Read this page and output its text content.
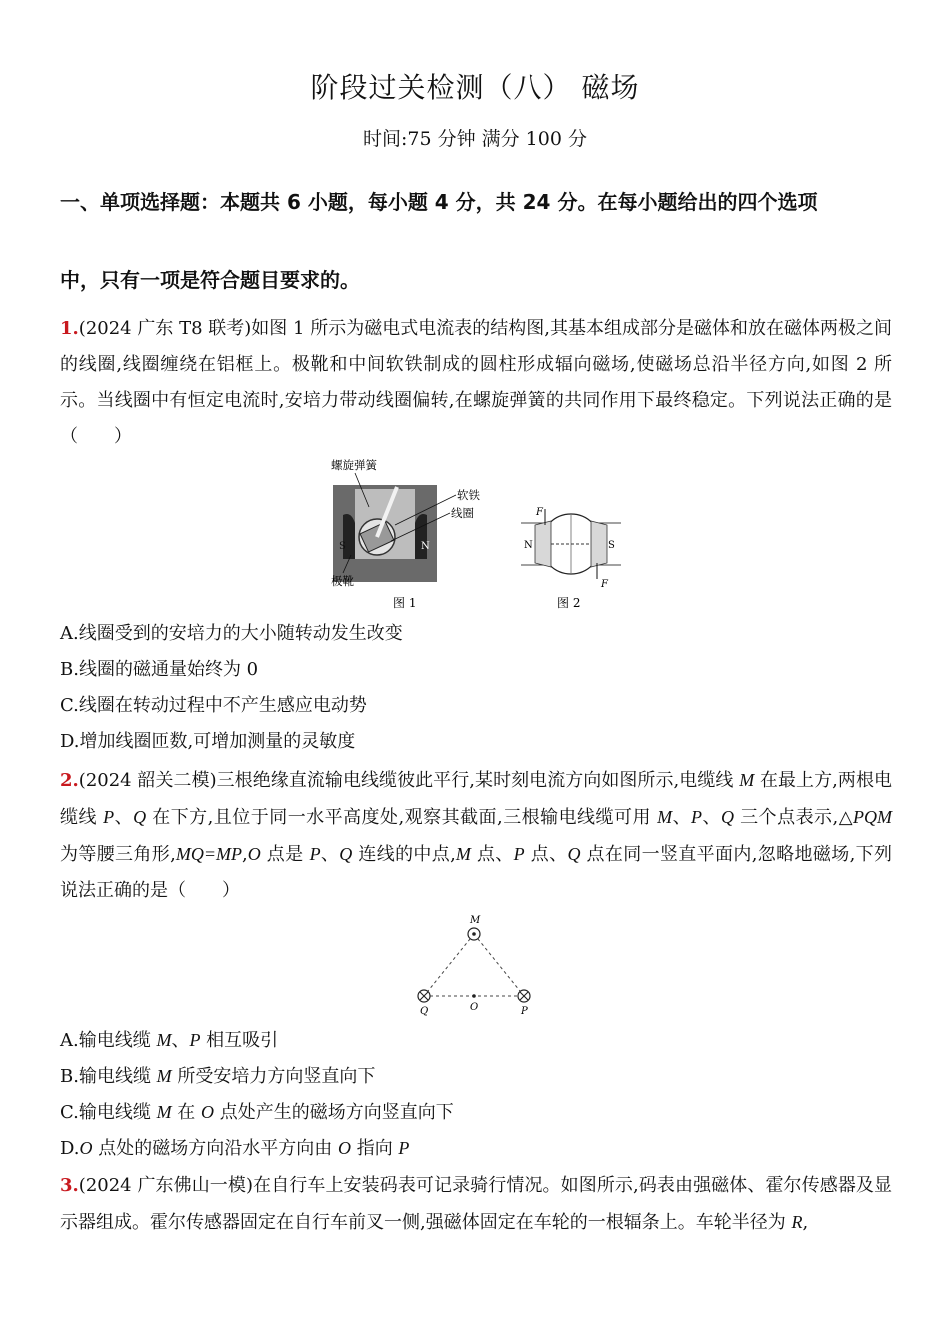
阶段过关检测（八） 磁场
时间:75 分钟 满分 100 分
一、单项选择题：本题共 6 小题，每小题 4 分，共 24 分。在每小题给出的四个选项
中，只有一项是符合题目要求的。

1.(2024 广东 T8 联考)如图 1 所示为磁电式电流表的结构图,其基本组成部分是磁体和放在磁体两极之间的线圈,线圈缠绕在铝框上。极靴和中间软铁制成的圆柱形成辐向磁场,使磁场总沿半径方向,如图 2 所示。当线圈中有恒定电流时,安培力带动线圈偏转,在螺旋弹簧的共同作用下最终稳定。下列说法正确的是（　　）

S	N
螺旋弹簧
软铁
线圈
极靴
图 1
F
F
N	S
图 2
A.线圈受到的安培力的大小随转动发生改变
B.线圈的磁通量始终为 0
C.线圈在转动过程中不产生感应电动势
D.增加线圈匝数,可增加测量的灵敏度

2.(2024 韶关二模)三根绝缘直流输电线缆彼此平行,某时刻电流方向如图所示,电缆线 M 在最上方,两根电缆线 P、Q 在下方,且位于同一水平高度处,观察其截面,三根输电线缆可用 M、P、Q 三个点表示,△PQM 为等腰三角形,MQ=MP,O 点是 P、Q 连线的中点,M 点、P 点、Q 点在同一竖直平面内,忽略地磁场,下列说法正确的是（　　）

M
Q	O	P
A.输电线缆 M、P 相互吸引
B.输电线缆 M 所受安培力方向竖直向下
C.输电线缆 M 在 O 点处产生的磁场方向竖直向下
D.O 点处的磁场方向沿水平方向由 O 指向 P

3.(2024 广东佛山一模)在自行车上安装码表可记录骑行情况。如图所示,码表由强磁体、霍尔传感器及显示器组成。霍尔传感器固定在自行车前叉一侧,强磁体固定在车轮的一根辐条上。车轮半径为 R,
